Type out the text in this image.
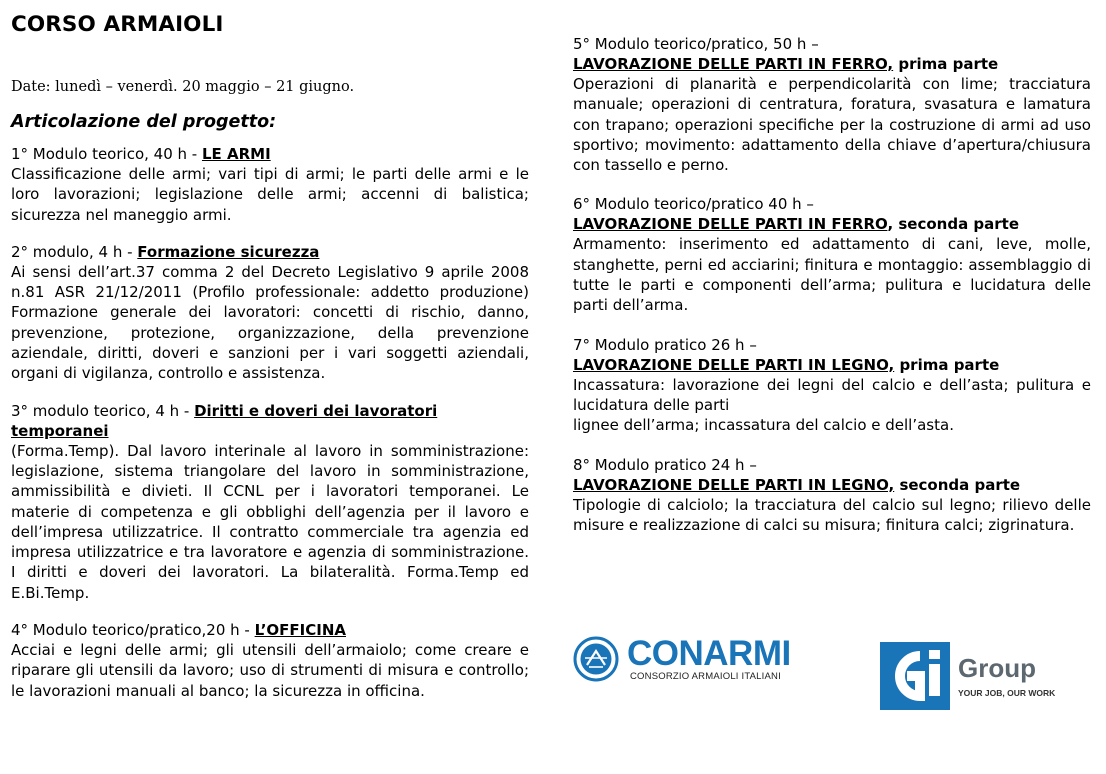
CORSO ARMAIOLI
Date: lunedì – venerdì. 20 maggio – 21 giugno.
Articolazione del progetto:
1° Modulo teorico, 40 h - LE ARMI
Classificazione delle armi; vari tipi di armi; le parti delle armi e le loro lavorazioni; legislazione delle armi; accenni di balistica; sicurezza nel maneggio armi.
2° modulo, 4 h - Formazione sicurezza
Ai sensi dell’art.37 comma 2 del Decreto Legislativo 9 aprile 2008 n.81 ASR 21/12/2011 (Profilo professionale: addetto produzione) Formazione generale dei lavoratori: concetti di rischio, danno, prevenzione, protezione, organizzazione, della prevenzione aziendale, diritti, doveri e sanzioni per i vari soggetti aziendali, organi di vigilanza, controllo e assistenza.
3° modulo teorico, 4 h - Diritti e doveri dei lavoratori temporanei
(Forma.Temp). Dal lavoro interinale al lavoro in somministrazione: legislazione, sistema triangolare del lavoro in somministrazione, ammissibilità e divieti. Il CCNL per i lavoratori temporanei. Le materie di competenza e gli obblighi dell’agenzia per il lavoro e dell’impresa utilizzatrice. Il contratto commerciale tra agenzia ed impresa utilizzatrice e tra lavoratore e agenzia di somministrazione. I diritti e doveri dei lavoratori. La bilateralità. Forma.Temp ed E.Bi.Temp.
4° Modulo teorico/pratico,20 h - L’OFFICINA
Acciai e legni delle armi; gli utensili dell’armaiolo; come creare e riparare gli utensili da lavoro; uso di strumenti di misura e controllo; le lavorazioni manuali al banco; la sicurezza in officina.
5° Modulo teorico/pratico, 50 h –
LAVORAZIONE DELLE PARTI IN FERRO, prima parte
Operazioni di planarità e perpendicolarità con lime; tracciatura manuale; operazioni di centratura, foratura, svasatura e lamatura con trapano; operazioni specifiche per la costruzione di armi ad uso sportivo; movimento: adattamento della chiave d’apertura/chiusura con tassello e perno.
6° Modulo teorico/pratico 40 h –
LAVORAZIONE DELLE PARTI IN FERRO, seconda parte
Armamento: inserimento ed adattamento di cani, leve, molle, stanghette, perni ed acciarini; finitura e montaggio: assemblaggio di tutte le parti e componenti dell’arma; pulitura e lucidatura delle parti dell’arma.
7° Modulo pratico 26 h –
LAVORAZIONE DELLE PARTI IN LEGNO, prima parte
Incassatura: lavorazione dei legni del calcio e dell’asta; pulitura e lucidatura delle parti
lignee dell’arma; incassatura del calcio e dell’asta.
8° Modulo pratico 24 h –
LAVORAZIONE DELLE PARTI IN LEGNO, seconda parte
Tipologie di calciolo; la tracciatura del calcio sul legno; rilievo delle misure e realizzazione di calci su misura; finitura calci; zigrinatura.
CONARMI
CONSORZIO ARMAIOLI ITALIANI	Group
YOUR JOB, OUR WORK
